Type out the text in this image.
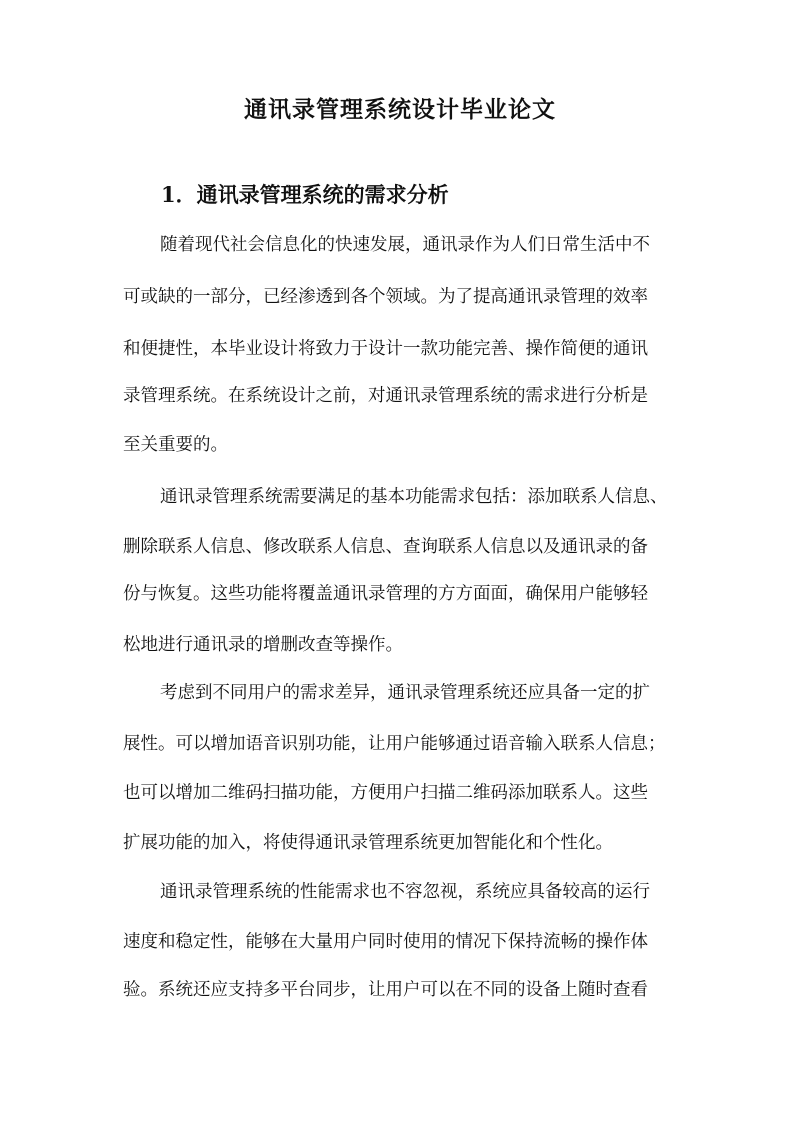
通讯录管理系统设计毕业论文
1．通讯录管理系统的需求分析

随着现代社会信息化的快速发展，通讯录作为人们日常生活中不

可或缺的一部分，已经渗透到各个领域。为了提高通讯录管理的效率

和便捷性，本毕业设计将致力于设计一款功能完善、操作简便的通讯

录管理系统。在系统设计之前，对通讯录管理系统的需求进行分析是

至关重要的。

通讯录管理系统需要满足的基本功能需求包括：添加联系人信息、

删除联系人信息、修改联系人信息、查询联系人信息以及通讯录的备

份与恢复。这些功能将覆盖通讯录管理的方方面面，确保用户能够轻

松地进行通讯录的增删改查等操作。

考虑到不同用户的需求差异，通讯录管理系统还应具备一定的扩

展性。可以增加语音识别功能，让用户能够通过语音输入联系人信息；

也可以增加二维码扫描功能，方便用户扫描二维码添加联系人。这些

扩展功能的加入，将使得通讯录管理系统更加智能化和个性化。

通讯录管理系统的性能需求也不容忽视，系统应具备较高的运行

速度和稳定性，能够在大量用户同时使用的情况下保持流畅的操作体

验。系统还应支持多平台同步，让用户可以在不同的设备上随时查看
